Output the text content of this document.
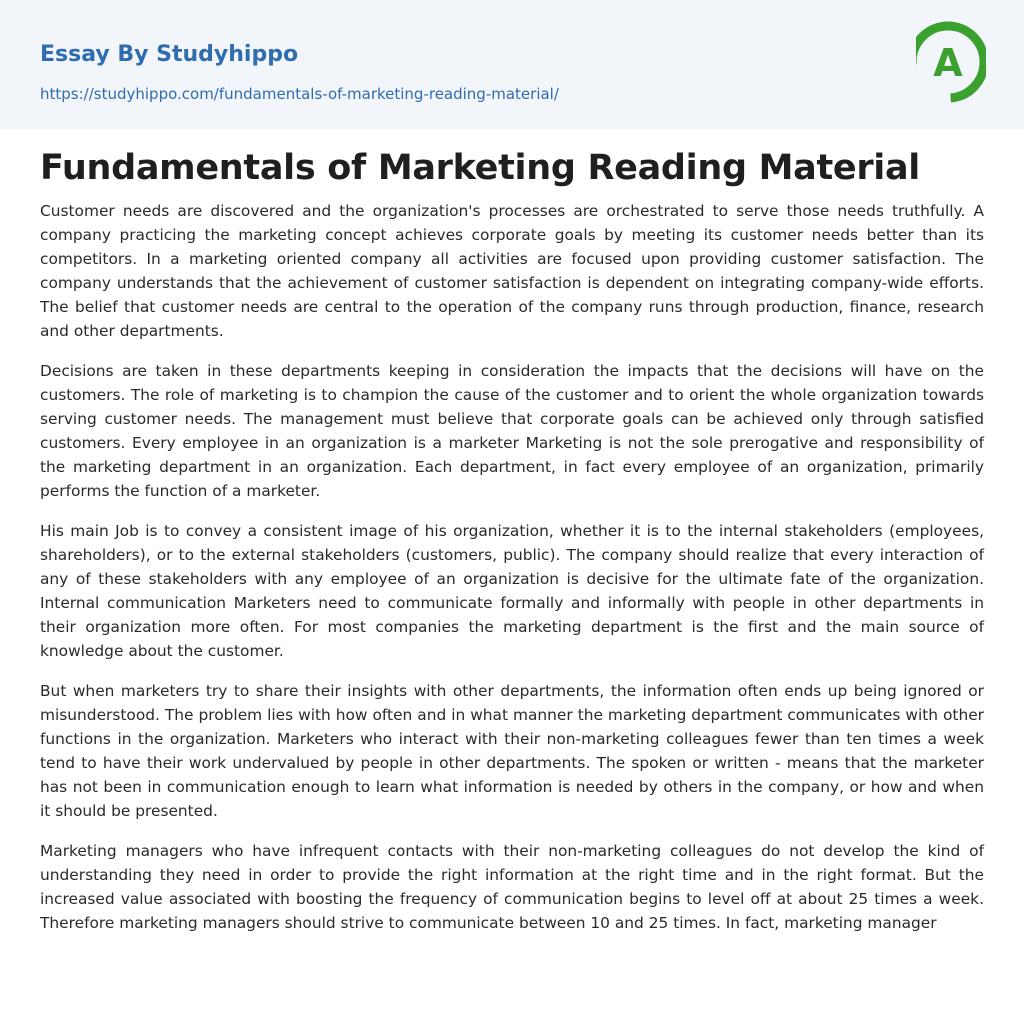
Essay By Studyhippo
https://studyhippo.com/fundamentals-of-marketing-reading-material/
A
Fundamentals of Marketing Reading Material

Customer needs are discovered and the organization's processes are orchestrated to serve those needs truthfully. A company practicing the marketing concept achieves corporate goals by meeting its customer needs better than its competitors. In a marketing oriented company all activities are focused upon providing customer satisfaction. The company understands that the achievement of customer satisfaction is dependent on integrating company-wide efforts. The belief that customer needs are central to the operation of the company runs through production, finance, research and other departments.

Decisions are taken in these departments keeping in consideration the impacts that the decisions will have on the customers. The role of marketing is to champion the cause of the customer and to orient the whole organization towards serving customer needs. The management must believe that corporate goals can be achieved only through satisfied customers. Every employee in an organization is a marketer Marketing is not the sole prerogative and responsibility of the marketing department in an organization. Each department, in fact every employee of an organization, primarily performs the function of a marketer.

His main Job is to convey a consistent image of his organization, whether it is to the internal stakeholders (employees, shareholders), or to the external stakeholders (customers, public). The company should realize that every interaction of any of these stakeholders with any employee of an organization is decisive for the ultimate fate of the organization. Internal communication Marketers need to communicate formally and informally with people in other departments in their organization more often. For most companies the marketing department is the first and the main source of knowledge about the customer.

But when marketers try to share their insights with other departments, the information often ends up being ignored or misunderstood. The problem lies with how often and in what manner the marketing department communicates with other functions in the organization. Marketers who interact with their non-marketing colleagues fewer than ten times a week tend to have their work undervalued by people in other departments. The spoken or written - means that the marketer has not been in communication enough to learn what information is needed by others in the company, or how and when it should be presented.

Marketing managers who have infrequent contacts with their non-marketing colleagues do not develop the kind of understanding they need in order to provide the right information at the right time and in the right format. But the increased value associated with boosting the frequency of communication begins to level off at about 25 times a week. Therefore marketing managers should strive to communicate between 10 and 25 times. In fact, marketing manager
